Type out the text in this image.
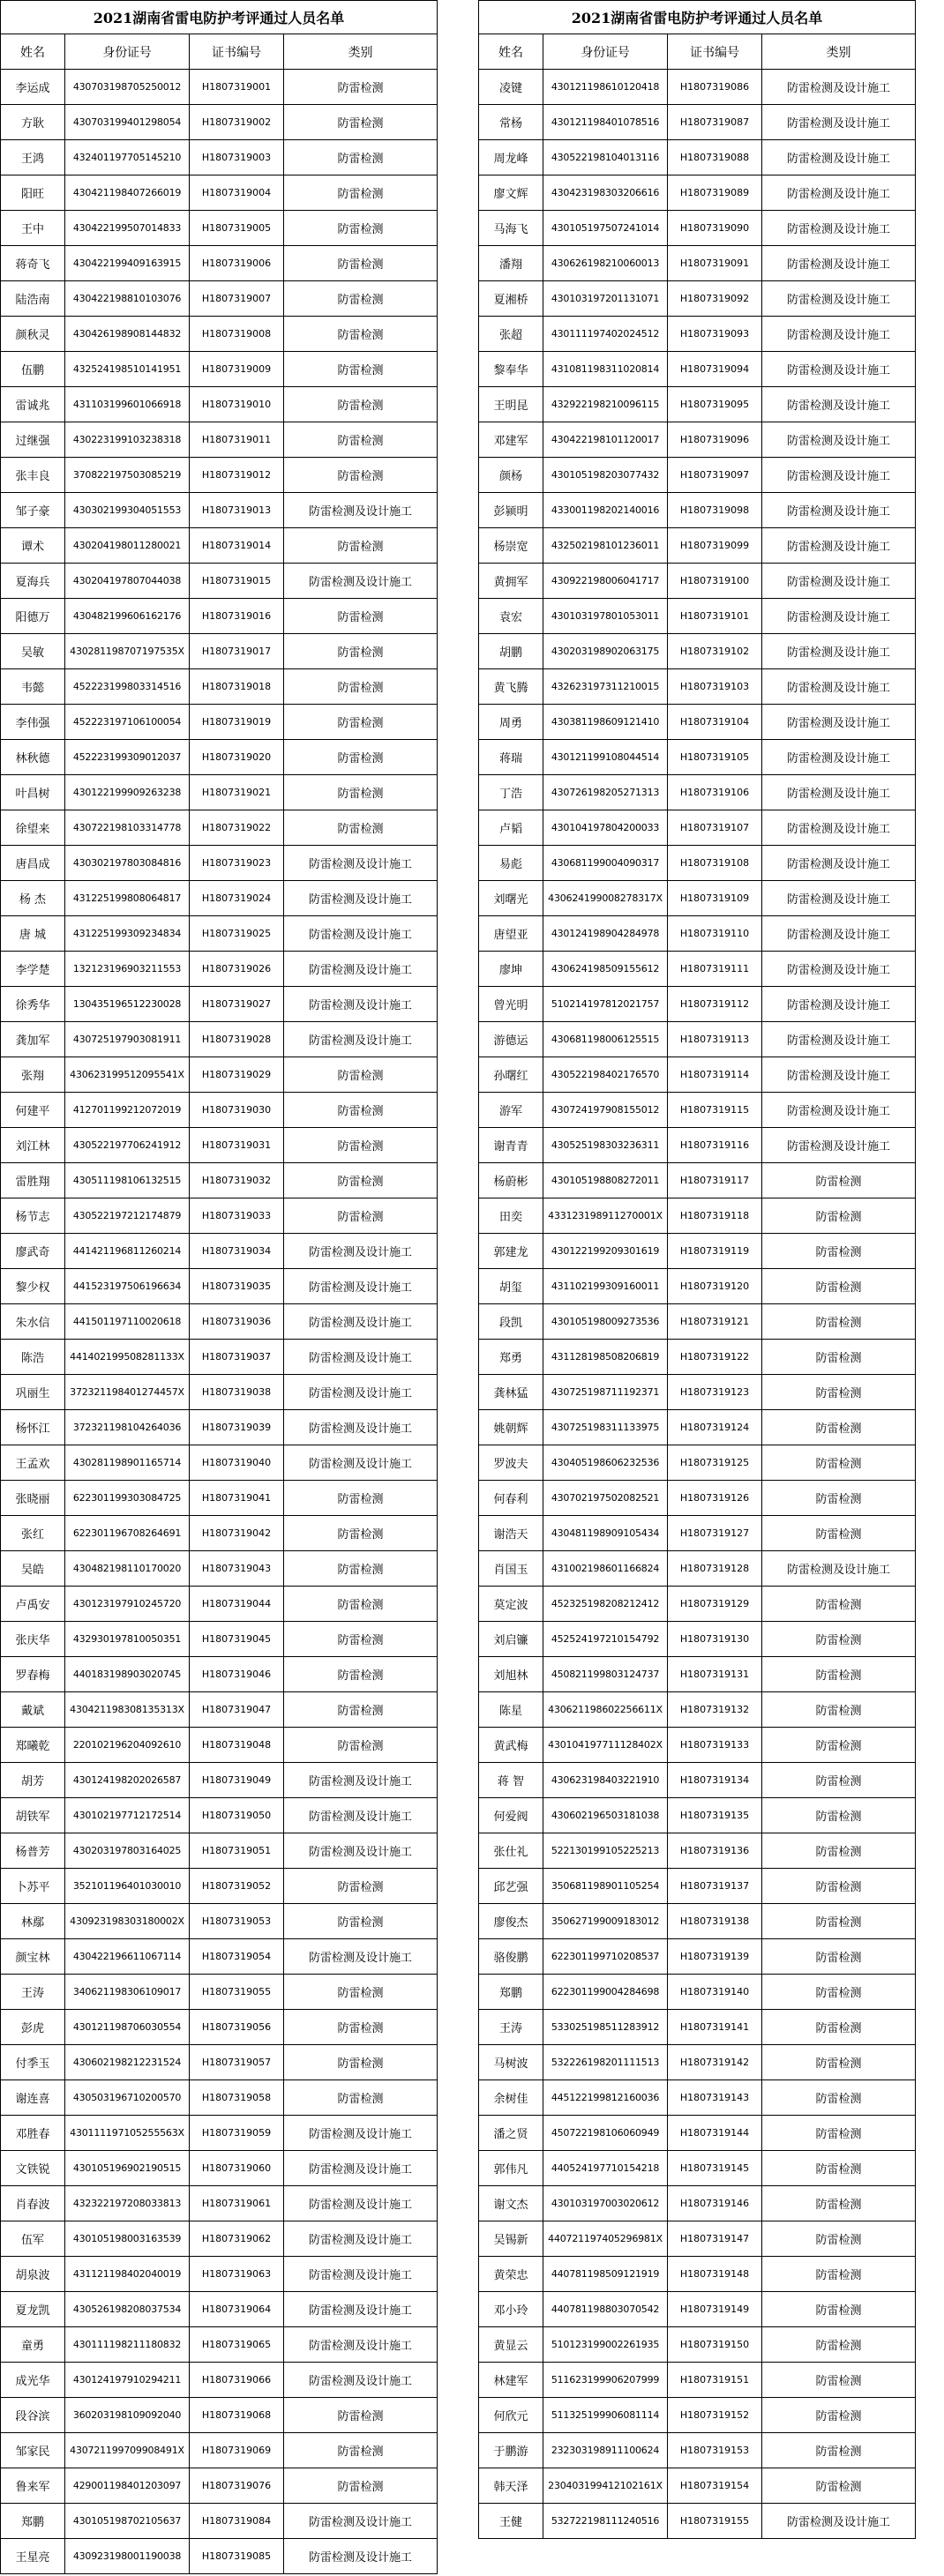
2021湖南省雷电防护考评通过人员名单			
姓名	身份证号	证书编号	类别
李运成	430703198705250012	H1807319001	防雷检测
方耿	430703199401298054	H1807319002	防雷检测
王鸿	432401197705145210	H1807319003	防雷检测
阳旺	430421198407266019	H1807319004	防雷检测
王中	430422199507014833	H1807319005	防雷检测
蒋奇飞	430422199409163915	H1807319006	防雷检测
陆浩南	430422198810103076	H1807319007	防雷检测
颜秋灵	430426198908144832	H1807319008	防雷检测
伍鹏	432524198510141951	H1807319009	防雷检测
雷诚兆	431103199601066918	H1807319010	防雷检测
过继强	430223199103238318	H1807319011	防雷检测
张丰良	370822197503085219	H1807319012	防雷检测
邹子豪	430302199304051553	H1807319013	防雷检测及设计施工
谭术	430204198011280021	H1807319014	防雷检测
夏海兵	430204197807044038	H1807319015	防雷检测及设计施工
阳德万	430482199606162176	H1807319016	防雷检测
吴敏	430281198707197535X	H1807319017	防雷检测
韦懿	452223199803314516	H1807319018	防雷检测
李伟强	452223197106100054	H1807319019	防雷检测
林秋德	452223199309012037	H1807319020	防雷检测
叶昌树	430122199909263238	H1807319021	防雷检测
徐望来	430722198103314778	H1807319022	防雷检测
唐昌成	430302197803084816	H1807319023	防雷检测及设计施工
杨 杰	431225199808064817	H1807319024	防雷检测及设计施工
唐 城	431225199309234834	H1807319025	防雷检测及设计施工
李学楚	132123196903211553	H1807319026	防雷检测及设计施工
徐秀华	130435196512230028	H1807319027	防雷检测及设计施工
龚加军	430725197903081911	H1807319028	防雷检测及设计施工
张翔	430623199512095541X	H1807319029	防雷检测
何建平	412701199212072019	H1807319030	防雷检测
刘江林	430522197706241912	H1807319031	防雷检测
雷胜翔	430511198106132515	H1807319032	防雷检测
杨节志	430522197212174879	H1807319033	防雷检测
廖武奇	441421196811260214	H1807319034	防雷检测及设计施工
黎少权	441523197506196634	H1807319035	防雷检测及设计施工
朱水信	441501197110020618	H1807319036	防雷检测及设计施工
陈浩	441402199508281133X	H1807319037	防雷检测及设计施工
巩丽生	372321198401274457X	H1807319038	防雷检测及设计施工
杨怀江	372321198104264036	H1807319039	防雷检测及设计施工
王孟欢	430281198901165714	H1807319040	防雷检测及设计施工
张晓丽	622301199303084725	H1807319041	防雷检测
张红	622301196708264691	H1807319042	防雷检测
吴皓	430482198110170020	H1807319043	防雷检测
卢禹安	430123197910245720	H1807319044	防雷检测
张庆华	432930197810050351	H1807319045	防雷检测
罗春梅	440183198903020745	H1807319046	防雷检测
戴斌	430421198308135313X	H1807319047	防雷检测
郑曦乾	220102196204092610	H1807319048	防雷检测
胡芳	430124198202026587	H1807319049	防雷检测及设计施工
胡铁军	430102197712172514	H1807319050	防雷检测及设计施工
杨普芳	430203197803164025	H1807319051	防雷检测及设计施工
卜苏平	352101196401030010	H1807319052	防雷检测
林鄢	430923198303180002X	H1807319053	防雷检测
颜宝林	430422196611067114	H1807319054	防雷检测及设计施工
王涛	340621198306109017	H1807319055	防雷检测
彭虎	430121198706030554	H1807319056	防雷检测
付季玉	430602198212231524	H1807319057	防雷检测
谢连喜	430503196710200570	H1807319058	防雷检测
邓胜春	430111197105255563X	H1807319059	防雷检测及设计施工
文铁锐	430105196902190515	H1807319060	防雷检测及设计施工
肖春波	432322197208033813	H1807319061	防雷检测及设计施工
伍军	430105198003163539	H1807319062	防雷检测及设计施工
胡泉波	431121198402040019	H1807319063	防雷检测及设计施工
夏龙凯	430526198208037534	H1807319064	防雷检测及设计施工
童勇	430111198211180832	H1807319065	防雷检测及设计施工
成光华	430124197910294211	H1807319066	防雷检测及设计施工
段谷滨	360203198109092040	H1807319068	防雷检测
邹家民	430721199709908491X	H1807319069	防雷检测
鲁来军	429001198401203097	H1807319076	防雷检测
郑鹏	430105198702105637	H1807319084	防雷检测及设计施工
王星亮	430923198001190038	H1807319085	防雷检测及设计施工
2021湖南省雷电防护考评通过人员名单			
姓名	身份证号	证书编号	类别
凌键	430121198610120418	H1807319086	防雷检测及设计施工
常杨	430121198401078516	H1807319087	防雷检测及设计施工
周龙峰	430522198104013116	H1807319088	防雷检测及设计施工
廖文辉	430423198303206616	H1807319089	防雷检测及设计施工
马海飞	430105197507241014	H1807319090	防雷检测及设计施工
潘翔	430626198210060013	H1807319091	防雷检测及设计施工
夏湘桥	430103197201131071	H1807319092	防雷检测及设计施工
张超	430111197402024512	H1807319093	防雷检测及设计施工
黎奉华	431081198311020814	H1807319094	防雷检测及设计施工
王明昆	432922198210096115	H1807319095	防雷检测及设计施工
邓建军	430422198101120017	H1807319096	防雷检测及设计施工
颜杨	430105198203077432	H1807319097	防雷检测及设计施工
彭颍明	433001198202140016	H1807319098	防雷检测及设计施工
杨崇宽	432502198101236011	H1807319099	防雷检测及设计施工
黄拥军	430922198006041717	H1807319100	防雷检测及设计施工
袁宏	430103197801053011	H1807319101	防雷检测及设计施工
胡鹏	430203198902063175	H1807319102	防雷检测及设计施工
黄飞腾	432623197311210015	H1807319103	防雷检测及设计施工
周勇	430381198609121410	H1807319104	防雷检测及设计施工
蒋瑞	430121199108044514	H1807319105	防雷检测及设计施工
丁浩	430726198205271313	H1807319106	防雷检测及设计施工
卢韬	430104197804200033	H1807319107	防雷检测及设计施工
易彪	430681199004090317	H1807319108	防雷检测及设计施工
刘曙光	430624199008278317X	H1807319109	防雷检测及设计施工
唐望亚	430124198904284978	H1807319110	防雷检测及设计施工
廖坤	430624198509155612	H1807319111	防雷检测及设计施工
曾光明	510214197812021757	H1807319112	防雷检测及设计施工
游德运	430681198006125515	H1807319113	防雷检测及设计施工
孙曙红	430522198402176570	H1807319114	防雷检测及设计施工
游军	430724197908155012	H1807319115	防雷检测及设计施工
谢青青	430525198303236311	H1807319116	防雷检测及设计施工
杨蔚彬	430105198808272011	H1807319117	防雷检测
田奕	433123198911270001X	H1807319118	防雷检测
郭建龙	430122199209301619	H1807319119	防雷检测
胡玺	431102199309160011	H1807319120	防雷检测
段凯	430105198009273536	H1807319121	防雷检测
郑勇	431128198508206819	H1807319122	防雷检测
龚林猛	430725198711192371	H1807319123	防雷检测
姚朝辉	430725198311133975	H1807319124	防雷检测
罗波夫	430405198606232536	H1807319125	防雷检测
何春利	430702197502082521	H1807319126	防雷检测
谢浩天	430481198909105434	H1807319127	防雷检测
肖国玉	431002198601166824	H1807319128	防雷检测及设计施工
莫定波	452325198208212412	H1807319129	防雷检测
刘启镰	452524197210154792	H1807319130	防雷检测
刘旭林	450821199803124737	H1807319131	防雷检测
陈星	430621198602256611X	H1807319132	防雷检测
黄武梅	430104197711128402X	H1807319133	防雷检测
蒋 智	430623198403221910	H1807319134	防雷检测
何爱阀	430602196503181038	H1807319135	防雷检测
张仕礼	522130199105225213	H1807319136	防雷检测
邱艺强	350681198901105254	H1807319137	防雷检测
廖俊杰	350627199009183012	H1807319138	防雷检测
骆俊鹏	622301199710208537	H1807319139	防雷检测
郑鹏	622301199004284698	H1807319140	防雷检测
王涛	533025198511283912	H1807319141	防雷检测
马树波	532226198201111513	H1807319142	防雷检测
余树佳	445122199812160036	H1807319143	防雷检测
潘之贤	450722198106060949	H1807319144	防雷检测
郭伟凡	440524197710154218	H1807319145	防雷检测
谢文杰	430103197003020612	H1807319146	防雷检测
吴锡新	440721197405296981X	H1807319147	防雷检测
黄荣忠	440781198509121919	H1807319148	防雷检测
邓小玲	440781198803070542	H1807319149	防雷检测
黄显云	510123199002261935	H1807319150	防雷检测
林建军	511623199906207999	H1807319151	防雷检测
何欣元	511325199906081114	H1807319152	防雷检测
于鹏游	232303198911100624	H1807319153	防雷检测
韩天泽	230403199412102161X	H1807319154	防雷检测
王健	532722198111240516	H1807319155	防雷检测及设计施工
